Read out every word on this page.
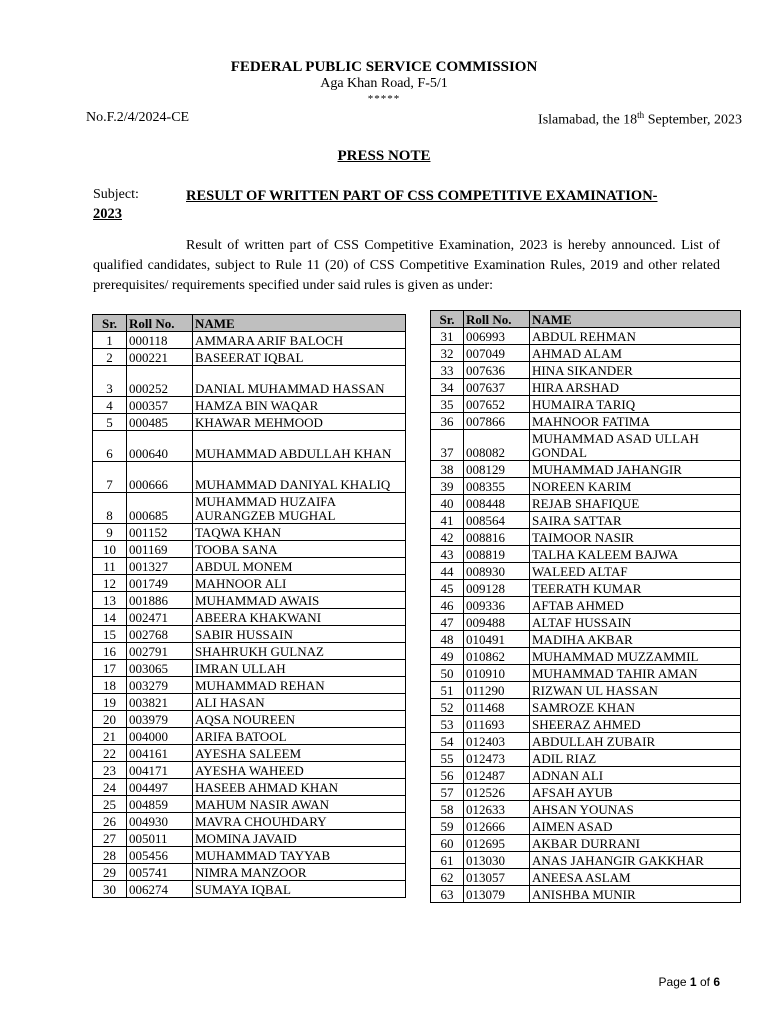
FEDERAL PUBLIC SERVICE COMMISSION
Aga Khan Road, F-5/1
*****
No.F.2/4/2024-CE	Islamabad, the 18th September, 2023
PRESS NOTE
Subject:	RESULT OF WRITTEN PART OF CSS COMPETITIVE EXAMINATION-
2023
Result of written part of CSS Competitive Examination, 2023 is hereby announced. List of qualified candidates, subject to Rule 11 (20) of CSS Competitive Examination Rules, 2019 and other related prerequisites/ requirements specified under said rules is given as under:
Sr.	Roll No.	NAME
1	000118	AMMARA ARIF BALOCH
2	000221	BASEERAT IQBAL
3	000252	DANIAL MUHAMMAD HASSAN
4	000357	HAMZA BIN WAQAR
5	000485	KHAWAR MEHMOOD
6	000640	MUHAMMAD ABDULLAH KHAN
7	000666	MUHAMMAD DANIYAL KHALIQ
8	000685	MUHAMMAD HUZAIFA AURANGZEB MUGHAL
9	001152	TAQWA KHAN
10	001169	TOOBA SANA
11	001327	ABDUL MONEM
12	001749	MAHNOOR ALI
13	001886	MUHAMMAD AWAIS
14	002471	ABEERA KHAKWANI
15	002768	SABIR HUSSAIN
16	002791	SHAHRUKH GULNAZ
17	003065	IMRAN ULLAH
18	003279	MUHAMMAD REHAN
19	003821	ALI HASAN
20	003979	AQSA NOUREEN
21	004000	ARIFA BATOOL
22	004161	AYESHA SALEEM
23	004171	AYESHA WAHEED
24	004497	HASEEB AHMAD KHAN
25	004859	MAHUM NASIR AWAN
26	004930	MAVRA CHOUHDARY
27	005011	MOMINA JAVAID
28	005456	MUHAMMAD TAYYAB
29	005741	NIMRA MANZOOR
30	006274	SUMAYA IQBAL
Sr.	Roll No.	NAME
31	006993	ABDUL REHMAN
32	007049	AHMAD ALAM
33	007636	HINA SIKANDER
34	007637	HIRA ARSHAD
35	007652	HUMAIRA TARIQ
36	007866	MAHNOOR FATIMA
37	008082	MUHAMMAD ASAD ULLAH GONDAL
38	008129	MUHAMMAD JAHANGIR
39	008355	NOREEN KARIM
40	008448	REJAB SHAFIQUE
41	008564	SAIRA SATTAR
42	008816	TAIMOOR NASIR
43	008819	TALHA KALEEM BAJWA
44	008930	WALEED ALTAF
45	009128	TEERATH KUMAR
46	009336	AFTAB AHMED
47	009488	ALTAF HUSSAIN
48	010491	MADIHA AKBAR
49	010862	MUHAMMAD MUZZAMMIL
50	010910	MUHAMMAD TAHIR AMAN
51	011290	RIZWAN UL HASSAN
52	011468	SAMROZE KHAN
53	011693	SHEERAZ AHMED
54	012403	ABDULLAH ZUBAIR
55	012473	ADIL RIAZ
56	012487	ADNAN ALI
57	012526	AFSAH AYUB
58	012633	AHSAN YOUNAS
59	012666	AIMEN ASAD
60	012695	AKBAR DURRANI
61	013030	ANAS JAHANGIR GAKKHAR
62	013057	ANEESA ASLAM
63	013079	ANISHBA MUNIR
Page 1 of 6
